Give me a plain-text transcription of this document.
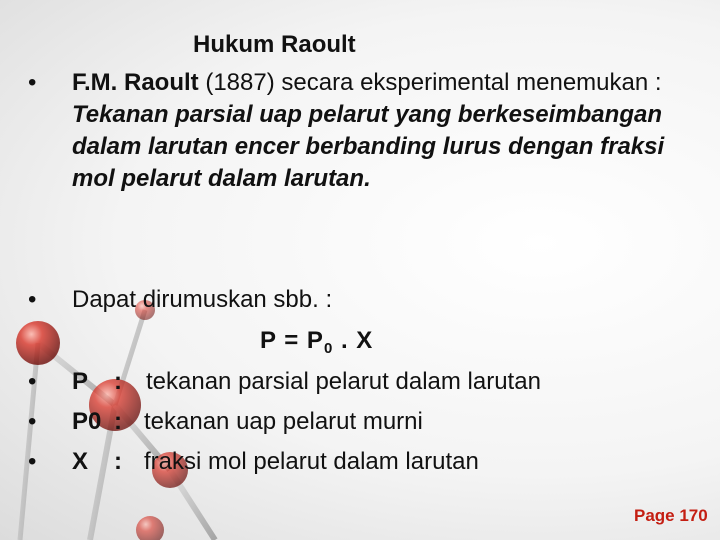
Hukum Raoult
•	F.M. Raoult (1887) secara eksperimental menemukan : Tekanan parsial uap pelarut yang berkeseimbangan dalam larutan encer berbanding lurus dengan fraksi mol pelarut dalam larutan.
•	Dapat dirumuskan sbb. :
$P = P_0$ . X
•	P : tekanan parsial pelarut dalam larutan
•	P0 : tekanan uap pelarut murni
•	X : fraksi mol pelarut dalam larutan
Page 170
